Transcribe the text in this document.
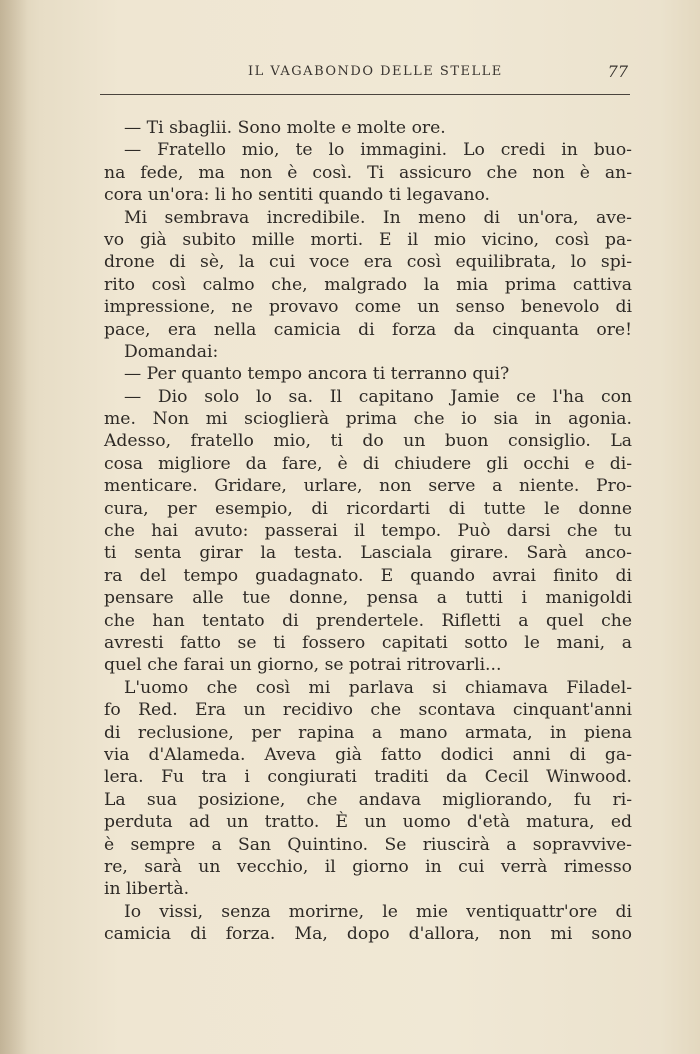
IL VAGABONDO DELLE STELLE	77
— Ti sbaglii. Sono molte e molte ore.
— Fratello mio, te lo immagini. Lo credi in buo-
na fede, ma non è così. Ti assicuro che non è an-
cora un'ora: li ho sentiti quando ti legavano.
Mi sembrava incredibile. In meno di un'ora, ave-
vo già subito mille morti. E il mio vicino, così pa-
drone di sè, la cui voce era così equilibrata, lo spi-
rito così calmo che, malgrado la mia prima cattiva
impressione, ne provavo come un senso benevolo di
pace, era nella camicia di forza da cinquanta ore!
Domandai:
— Per quanto tempo ancora ti terranno qui?
— Dio solo lo sa. Il capitano Jamie ce l'ha con
me. Non mi scioglierà prima che io sia in agonia.
Adesso, fratello mio, ti do un buon consiglio. La
cosa migliore da fare, è di chiudere gli occhi e di-
menticare. Gridare, urlare, non serve a niente. Pro-
cura, per esempio, di ricordarti di tutte le donne
che hai avuto: passerai il tempo. Può darsi che tu
ti senta girar la testa. Lasciala girare. Sarà anco-
ra del tempo guadagnato. E quando avrai finito di
pensare alle tue donne, pensa a tutti i manigoldi
che han tentato di prendertele. Rifletti a quel che
avresti fatto se ti fossero capitati sotto le mani, a
quel che farai un giorno, se potrai ritrovarli...
L'uomo che così mi parlava si chiamava Filadel-
fo Red. Era un recidivo che scontava cinquant'anni
di reclusione, per rapina a mano armata, in piena
via d'Alameda. Aveva già fatto dodici anni di ga-
lera. Fu tra i congiurati traditi da Cecil Winwood.
La sua posizione, che andava migliorando, fu ri-
perduta ad un tratto. È un uomo d'età matura, ed
è sempre a San Quintino. Se riuscirà a sopravvive-
re, sarà un vecchio, il giorno in cui verrà rimesso
in libertà.
Io vissi, senza morirne, le mie ventiquattr'ore di
camicia di forza. Ma, dopo d'allora, non mi sono
